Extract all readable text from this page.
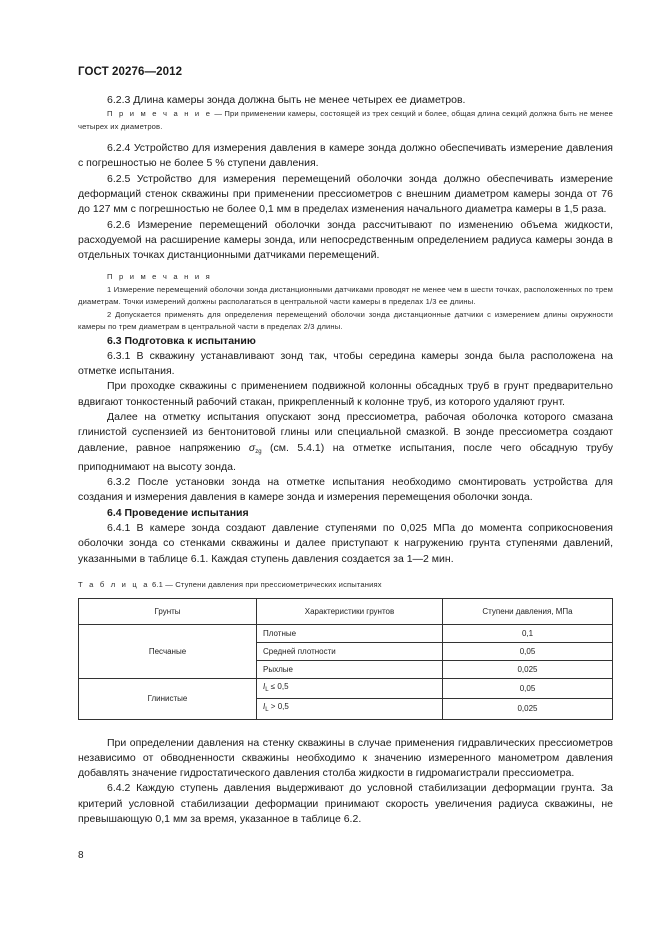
ГОСТ 20276—2012

6.2.3 Длина камеры зонда должна быть не менее четырех ее диаметров.

П р и м е ч а н и е — При применении камеры, состоящей из трех секций и более, общая длина секций должна быть не менее четырех их диаметров.

6.2.4 Устройство для измерения давления в камере зонда должно обеспечивать измерение давления с погрешностью не более 5 % ступени давления.

6.2.5 Устройство для измерения перемещений оболочки зонда должно обеспечивать измерение деформаций стенок скважины при применении прессиометров с внешним диаметром камеры зонда от 76 до 127 мм с погрешностью не более 0,1 мм в пределах изменения начального диаметра камеры в 1,5 раза.

6.2.6 Измерение перемещений оболочки зонда рассчитывают по изменению объема жидкости, расходуемой на расширение камеры зонда, или непосредственным определением радиуса камеры зонда в отдельных точках дистанционными датчиками перемещений.

П р и м е ч а н и я

1 Измерение перемещений оболочки зонда дистанционными датчиками проводят не менее чем в шести точках, расположенных по трем диаметрам. Точки измерений должны располагаться в центральной части камеры в пределах 1/3 ее длины.

2 Допускается применять для определения перемещений оболочки зонда дистанционные датчики с измерением длины окружности камеры по трем диаметрам в центральной части в пределах 2/3 длины.

6.3 Подготовка к испытанию

6.3.1 В скважину устанавливают зонд так, чтобы середина камеры зонда была расположена на отметке испытания.

При проходке скважины с применением подвижной колонны обсадных труб в грунт предварительно вдвигают тонкостенный рабочий стакан, прикрепленный к колонне труб, из которого удаляют грунт.

Далее на отметку испытания опускают зонд прессиометра, рабочая оболочка которого смазана глинистой суспензией из бентонитовой глины или специальной смазкой. В зонде прессиометра создают давление, равное напряжению $\sigma_{zg}$ (см. 5.4.1) на отметке испытания, после чего обсадную трубу приподнимают на высоту зонда.

6.3.2 После установки зонда на отметке испытания необходимо смонтировать устройства для создания и измерения давления в камере зонда и измерения перемещения оболочки зонда.

6.4 Проведение испытания

6.4.1 В камере зонда создают давление ступенями по 0,025 МПа до момента соприкосновения оболочки зонда со стенками скважины и далее приступают к нагружению грунта ступенями давлений, указанными в таблице 6.1. Каждая ступень давления создается за 1—2 мин.

Т а б л и ц а 6.1 — Ступени давления при прессиометрических испытаниях

Грунты	Характеристики грунтов	Ступени давления, МПа
Песчаные	Плотные	0,1
	Средней плотности	0,05
	Рыхлые	0,025
Глинистые	$I_L \le 0,5$	0,05
	$I_L > 0,5$	0,025

При определении давления на стенку скважины в случае применения гидравлических прессиометров независимо от обводненности скважины необходимо к значению измеренного манометром давления добавлять значение гидростатического давления столба жидкости в гидромагистрали прессиометра.

6.4.2 Каждую ступень давления выдерживают до условной стабилизации деформации грунта. За критерий условной стабилизации деформации принимают скорость увеличения радиуса скважины, не превышающую 0,1 мм за время, указанное в таблице 6.2.

8
